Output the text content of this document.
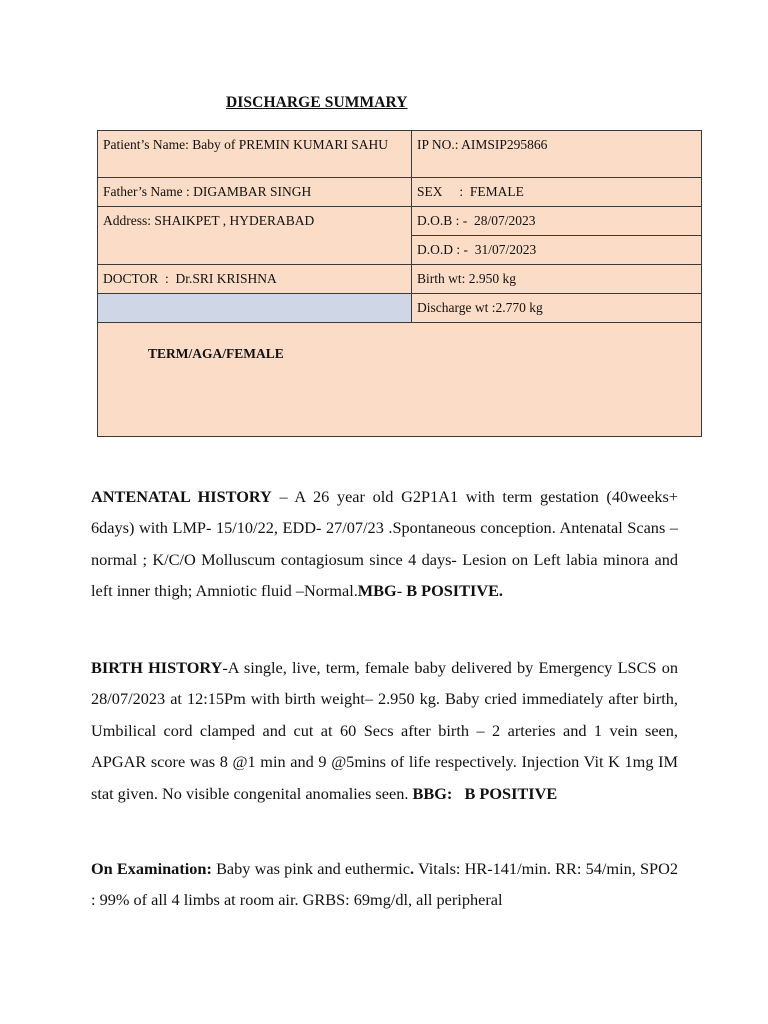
DISCHARGE SUMMARY
Patient’s Name: Baby of PREMIN KUMARI SAHU	IP NO.: AIMSIP295866
Father’s Name : DIGAMBAR SINGH	SEX     :  FEMALE
Address: SHAIKPET , HYDERABAD	D.O.B : -  28/07/2023
	D.O.D : -  31/07/2023
DOCTOR  :  Dr.SRI KRISHNA	Birth wt: 2.950 kg
	Discharge wt :2.770 kg
TERM/AGA/FEMALE	
ANTENATAL HISTORY – A 26 year old G2P1A1 with term gestation (40weeks+ 6days) with LMP- 15/10/22, EDD- 27/07/23 .Spontaneous conception. Antenatal Scans – normal ; K/C/O Molluscum contagiosum since 4 days- Lesion on Left labia minora and left inner thigh; Amniotic fluid –Normal.MBG- B POSITIVE.
BIRTH HISTORY-A single, live, term, female baby delivered by Emergency LSCS on 28/07/2023 at 12:15Pm with birth weight– 2.950 kg. Baby cried immediately after birth, Umbilical cord clamped and cut at 60 Secs after birth – 2 arteries and 1 vein seen, APGAR score was 8 @1 min and 9 @5mins of life respectively. Injection Vit K 1mg IM stat given. No visible congenital anomalies seen. BBG:   B POSITIVE
On Examination: Baby was pink and euthermic. Vitals: HR-141/min. RR: 54/min, SPO2 : 99% of all 4 limbs at room air. GRBS: 69mg/dl, all peripheral
